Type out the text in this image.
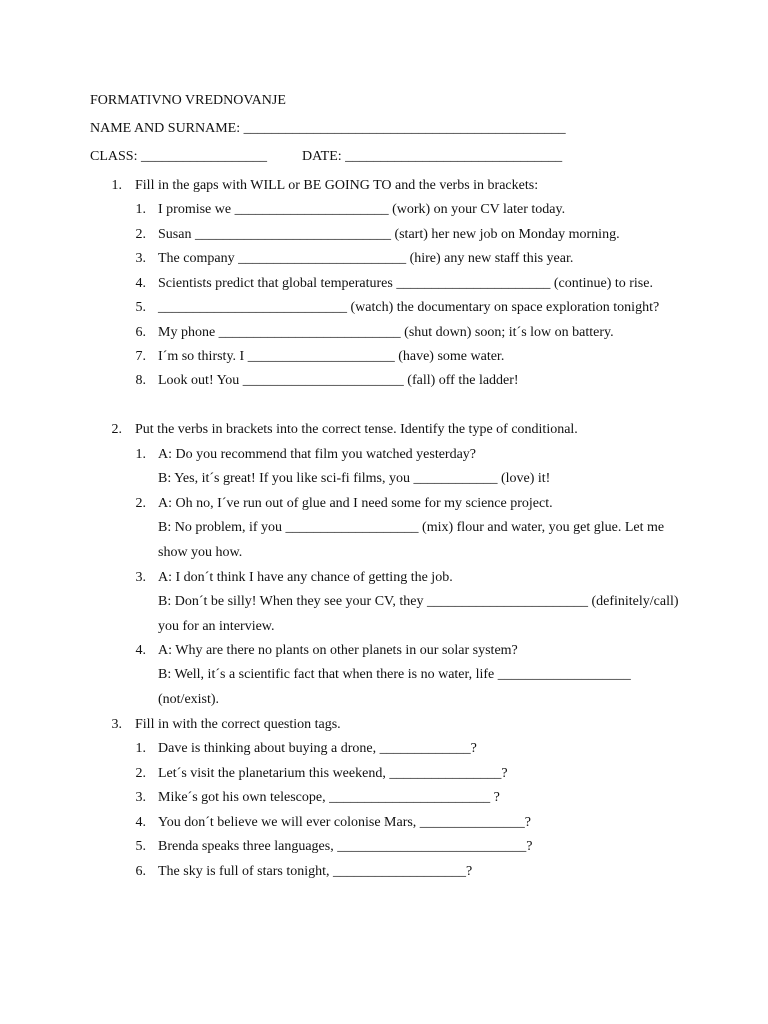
FORMATIVNO VREDNOVANJE
NAME AND SURNAME: ______________________________________________
CLASS: __________________	DATE: _______________________________
1. Fill in the gaps with WILL or BE GOING TO and the verbs in brackets:
1. I promise we ______________________ (work) on your CV later today.
2. Susan ____________________________ (start) her new job on Monday morning.
3. The company ________________________ (hire) any new staff this year.
4. Scientists predict that global temperatures ______________________ (continue) to rise.
5. ___________________________ (watch) the documentary on space exploration tonight?
6. My phone __________________________ (shut down) soon; it´s low on battery.
7. I´m so thirsty. I _____________________ (have) some water.
8. Look out! You _______________________ (fall) off the ladder!
2. Put the verbs in brackets into the correct tense. Identify the type of conditional.
1. A: Do you recommend that film you watched yesterday?
B: Yes, it´s great! If you like sci-fi films, you ____________ (love) it!
2. A: Oh no, I´ve run out of glue and I need some for my science project.
B: No problem, if you ___________________ (mix) flour and water, you get glue. Let me
show you how.
3. A: I don´t think I have any chance of getting the job.
B: Don´t be silly! When they see your CV, they _______________________ (definitely/call)
you for an interview.
4. A: Why are there no plants on other planets in our solar system?
B: Well, it´s a scientific fact that when there is no water, life ___________________
(not/exist).
3. Fill in with the correct question tags.
1. Dave is thinking about buying a drone, _____________?
2. Let´s visit the planetarium this weekend, ________________?
3. Mike´s got his own telescope, _______________________ ?
4. You don´t believe we will ever colonise Mars, _______________?
5. Brenda speaks three languages, ___________________________?
6. The sky is full of stars tonight, ___________________?
